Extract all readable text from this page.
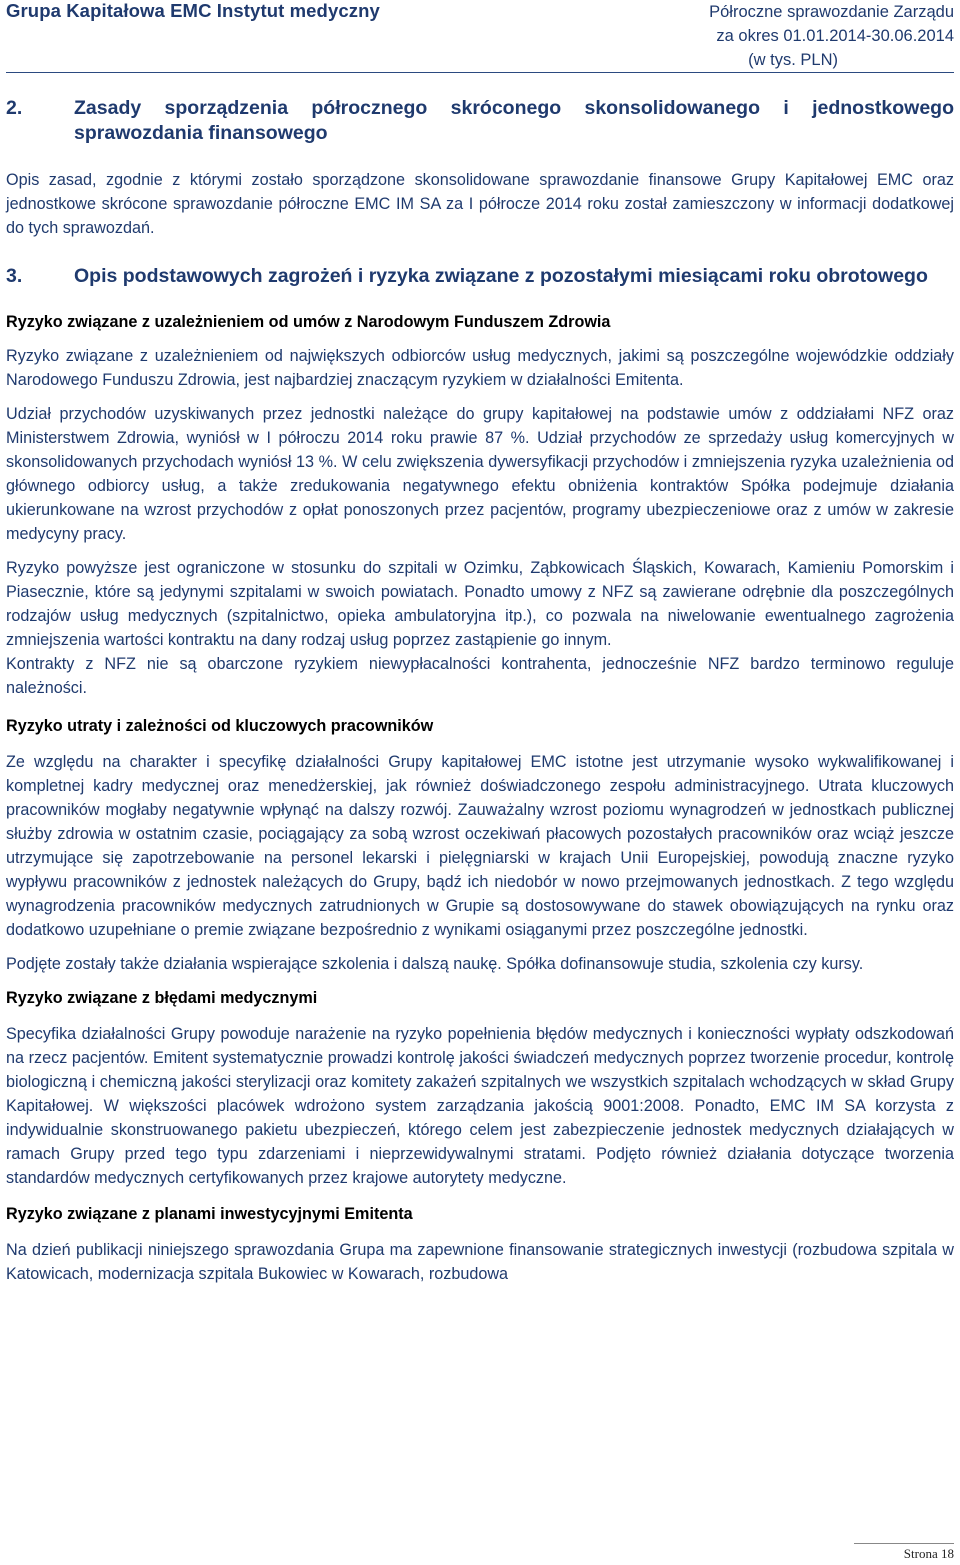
Grupa Kapitałowa EMC Instytut medyczny	Półroczne sprawozdanie Zarządu
za okres 01.01.2014-30.06.2014
(w tys. PLN)
2.	Zasady sporządzenia półrocznego skróconego skonsolidowanego i jednostkowego sprawozdania finansowego

Opis zasad, zgodnie z którymi zostało sporządzone skonsolidowane sprawozdanie finansowe Grupy Kapitałowej EMC oraz jednostkowe skrócone sprawozdanie półroczne EMC IM SA za I półrocze 2014 roku został zamieszczony w informacji dodatkowej do tych sprawozdań.

3.	Opis podstawowych zagrożeń i ryzyka związane z pozostałymi miesiącami roku obrotowego
Ryzyko związane z uzależnieniem od umów z Narodowym Funduszem Zdrowia

Ryzyko związane z uzależnieniem od największych odbiorców usług medycznych, jakimi są poszczególne wojewódzkie oddziały Narodowego Funduszu Zdrowia, jest najbardziej znaczącym ryzykiem w działalności Emitenta.

Udział przychodów uzyskiwanych przez jednostki należące do grupy kapitałowej na podstawie umów z oddziałami NFZ oraz Ministerstwem Zdrowia, wyniósł w I półroczu 2014 roku prawie 87 %. Udział przychodów ze sprzedaży usług komercyjnych w skonsolidowanych przychodach wyniósł 13 %. W celu zwiększenia dywersyfikacji przychodów i zmniejszenia ryzyka uzależnienia od głównego odbiorcy usług, a także zredukowania negatywnego efektu obniżenia kontraktów Spółka podejmuje działania ukierunkowane na wzrost przychodów z opłat ponoszonych przez pacjentów, programy ubezpieczeniowe oraz z umów w zakresie medycyny pracy.

Ryzyko powyższe jest ograniczone w stosunku do szpitali w Ozimku, Ząbkowicach Śląskich, Kowarach, Kamieniu Pomorskim i Piasecznie, które są jedynymi szpitalami w swoich powiatach. Ponadto umowy z NFZ są zawierane odrębnie dla poszczególnych rodzajów usług medycznych (szpitalnictwo, opieka ambulatoryjna itp.), co pozwala na niwelowanie ewentualnego zagrożenia zmniejszenia wartości kontraktu na dany rodzaj usług poprzez zastąpienie go innym.

Kontrakty z NFZ nie są obarczone ryzykiem niewypłacalności kontrahenta, jednocześnie NFZ bardzo terminowo reguluje należności.

Ryzyko utraty i zależności od kluczowych pracowników

Ze względu na charakter i specyfikę działalności Grupy kapitałowej EMC istotne jest utrzymanie wysoko wykwalifikowanej i kompletnej kadry medycznej oraz menedżerskiej, jak również doświadczonego zespołu administracyjnego. Utrata kluczowych pracowników mogłaby negatywnie wpłynąć na dalszy rozwój. Zauważalny wzrost poziomu wynagrodzeń w jednostkach publicznej służby zdrowia w ostatnim czasie, pociągający za sobą wzrost oczekiwań płacowych pozostałych pracowników oraz wciąż jeszcze utrzymujące się zapotrzebowanie na personel lekarski i pielęgniarski w krajach Unii Europejskiej, powodują znaczne ryzyko wypływu pracowników z jednostek należących do Grupy, bądź ich niedobór w nowo przejmowanych jednostkach. Z tego względu wynagrodzenia pracowników medycznych zatrudnionych w Grupie są dostosowywane do stawek obowiązujących na rynku oraz dodatkowo uzupełniane o premie związane bezpośrednio z wynikami osiąganymi przez poszczególne jednostki.

Podjęte zostały także działania wspierające szkolenia i dalszą naukę. Spółka dofinansowuje studia, szkolenia czy kursy.

Ryzyko związane z błędami medycznymi

Specyfika działalności Grupy powoduje narażenie na ryzyko popełnienia błędów medycznych i konieczności wypłaty odszkodowań na rzecz pacjentów. Emitent systematycznie prowadzi kontrolę jakości świadczeń medycznych poprzez tworzenie procedur, kontrolę biologiczną i chemiczną jakości sterylizacji oraz komitety zakażeń szpitalnych we wszystkich szpitalach wchodzących w skład Grupy Kapitałowej. W większości placówek wdrożono system zarządzania jakością 9001:2008. Ponadto, EMC IM SA korzysta z indywidualnie skonstruowanego pakietu ubezpieczeń, którego celem jest zabezpieczenie jednostek medycznych działających w ramach Grupy przed tego typu zdarzeniami i nieprzewidywalnymi stratami. Podjęto również działania dotyczące tworzenia standardów medycznych certyfikowanych przez krajowe autorytety medyczne.

Ryzyko związane z planami inwestycyjnymi Emitenta

Na dzień publikacji niniejszego sprawozdania Grupa ma zapewnione finansowanie strategicznych inwestycji (rozbudowa szpitala w Katowicach, modernizacja szpitala Bukowiec w Kowarach, rozbudowa

Strona 18
